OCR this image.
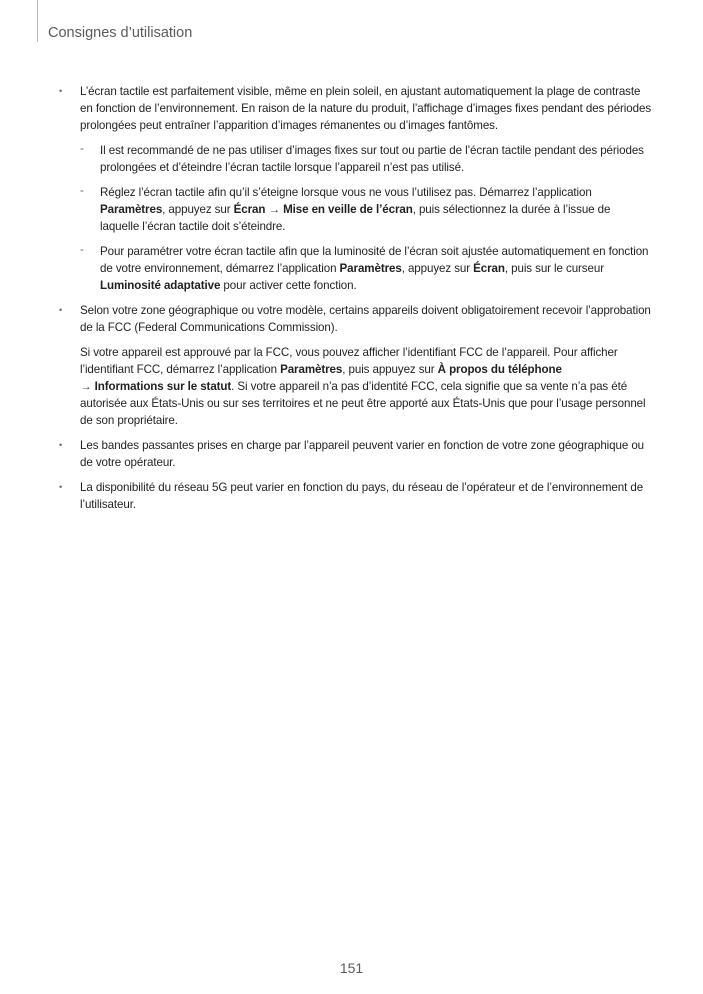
Consignes d’utilisation
•	L’écran tactile est parfaitement visible, même en plein soleil, en ajustant automatiquement la plage de contraste en fonction de l’environnement. En raison de la nature du produit, l’affichage d’images fixes pendant des périodes prolongées peut entraîner l’apparition d’images rémanentes ou d’images fantômes.
- Il est recommandé de ne pas utiliser d’images fixes sur tout ou partie de l’écran tactile pendant des périodes prolongées et d’éteindre l’écran tactile lorsque l’appareil n’est pas utilisé.
- Réglez l’écran tactile afin qu’il s’éteigne lorsque vous ne vous l’utilisez pas. Démarrez l’application Paramètres, appuyez sur Écran → Mise en veille de l’écran, puis sélectionnez la durée à l’issue de laquelle l’écran tactile doit s’éteindre.
- Pour paramétrer votre écran tactile afin que la luminosité de l’écran soit ajustée automatiquement en fonction de votre environnement, démarrez l’application Paramètres, appuyez sur Écran, puis sur le curseur Luminosité adaptative pour activer cette fonction.
•	Selon votre zone géographique ou votre modèle, certains appareils doivent obligatoirement recevoir l’approbation de la FCC (Federal Communications Commission).

Si votre appareil est approuvé par la FCC, vous pouvez afficher l’identifiant FCC de l’appareil. Pour afficher l’identifiant FCC, démarrez l’application Paramètres, puis appuyez sur À propos du téléphone
→ Informations sur le statut. Si votre appareil n’a pas d’identité FCC, cela signifie que sa vente n’a pas été autorisée aux États-Unis ou sur ses territoires et ne peut être apporté aux États-Unis que pour l’usage personnel de son propriétaire.

•	Les bandes passantes prises en charge par l’appareil peuvent varier en fonction de votre zone géographique ou de votre opérateur.
•	La disponibilité du réseau 5G peut varier en fonction du pays, du réseau de l’opérateur et de l’environnement de l’utilisateur.
151
